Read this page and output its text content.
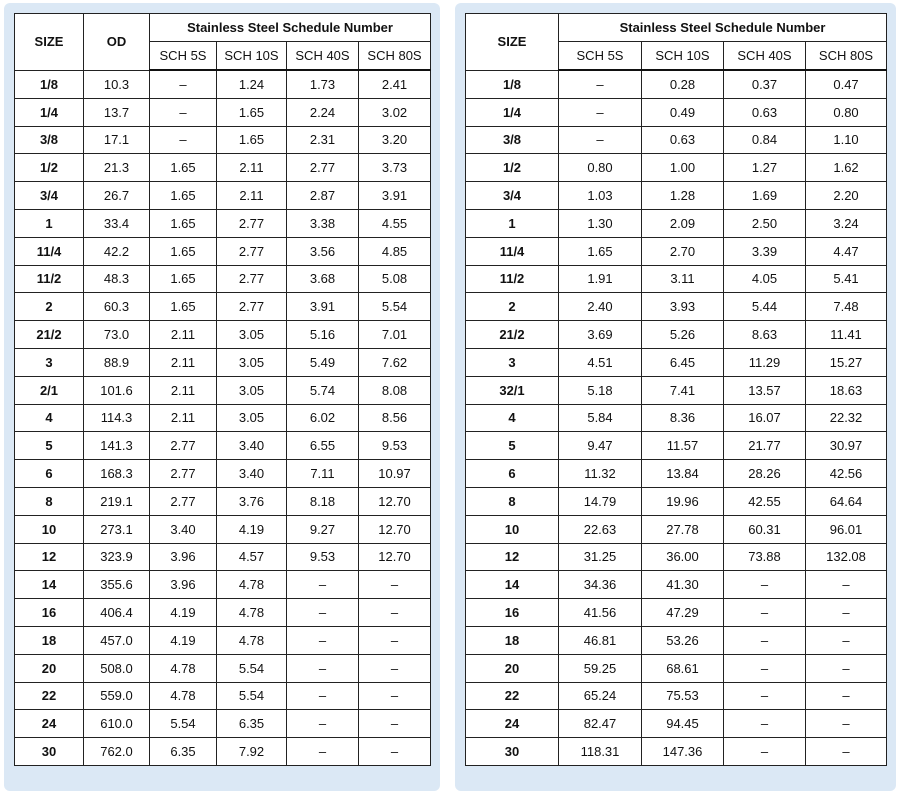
SIZE	OD	Stainless Steel Schedule Number			
		SCH 5S	SCH 10S	SCH 40S	SCH 80S
1/8	10.3	–	1.24	1.73	2.41
1/4	13.7	–	1.65	2.24	3.02
3/8	17.1	–	1.65	2.31	3.20
1/2	21.3	1.65	2.11	2.77	3.73
3/4	26.7	1.65	2.11	2.87	3.91
1	33.4	1.65	2.77	3.38	4.55
11/4	42.2	1.65	2.77	3.56	4.85
11/2	48.3	1.65	2.77	3.68	5.08
2	60.3	1.65	2.77	3.91	5.54
21/2	73.0	2.11	3.05	5.16	7.01
3	88.9	2.11	3.05	5.49	7.62
2/1	101.6	2.11	3.05	5.74	8.08
4	114.3	2.11	3.05	6.02	8.56
5	141.3	2.77	3.40	6.55	9.53
6	168.3	2.77	3.40	7.11	10.97
8	219.1	2.77	3.76	8.18	12.70
10	273.1	3.40	4.19	9.27	12.70
12	323.9	3.96	4.57	9.53	12.70
14	355.6	3.96	4.78	–	–
16	406.4	4.19	4.78	–	–
18	457.0	4.19	4.78	–	–
20	508.0	4.78	5.54	–	–
22	559.0	4.78	5.54	–	–
24	610.0	5.54	6.35	–	–
30	762.0	6.35	7.92	–	–
SIZE	Stainless Steel Schedule Number			
	SCH 5S	SCH 10S	SCH 40S	SCH 80S
1/8	–	0.28	0.37	0.47
1/4	–	0.49	0.63	0.80
3/8	–	0.63	0.84	1.10
1/2	0.80	1.00	1.27	1.62
3/4	1.03	1.28	1.69	2.20
1	1.30	2.09	2.50	3.24
11/4	1.65	2.70	3.39	4.47
11/2	1.91	3.11	4.05	5.41
2	2.40	3.93	5.44	7.48
21/2	3.69	5.26	8.63	11.41
3	4.51	6.45	11.29	15.27
32/1	5.18	7.41	13.57	18.63
4	5.84	8.36	16.07	22.32
5	9.47	11.57	21.77	30.97
6	11.32	13.84	28.26	42.56
8	14.79	19.96	42.55	64.64
10	22.63	27.78	60.31	96.01
12	31.25	36.00	73.88	132.08
14	34.36	41.30	–	–
16	41.56	47.29	–	–
18	46.81	53.26	–	–
20	59.25	68.61	–	–
22	65.24	75.53	–	–
24	82.47	94.45	–	–
30	118.31	147.36	–	–
